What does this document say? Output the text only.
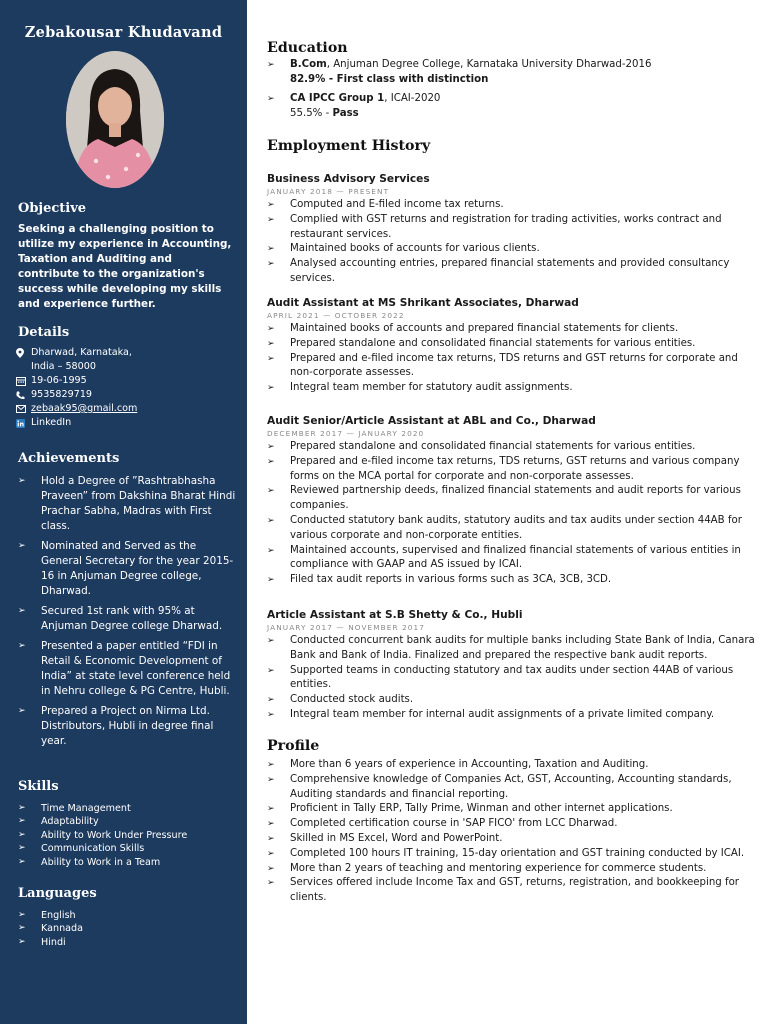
Zebakousar Khudavand
Objective
Seeking a challenging position to utilize my experience in Accounting, Taxation and Auditing and contribute to the organization's success while developing my skills and experience further.
Details
Dharwad, Karnataka,
India – 58000
19-06-1995
9535829719
zebaak95@gmail.com
LinkedIn
Achievements
➢	Hold a Degree of ”Rashtrabhasha Praveen” from Dakshina Bharat Hindi Prachar Sabha, Madras with First class.
➢	Nominated and Served as the General Secretary for the year 2015-16 in Anjuman Degree college, Dharwad.
➢	Secured 1st rank with 95% at Anjuman Degree college Dharwad.
➢	Presented a paper entitled “FDI in Retail & Economic Development of India” at state level conference held in Nehru college & PG Centre, Hubli.
➢	Prepared a Project on Nirma Ltd. Distributors, Hubli in degree final year.
Skills
➢	Time Management
➢	Adaptability
➢	Ability to Work Under Pressure
➢	Communication Skills
➢	Ability to Work in a Team
Languages
➢	English
➢	Kannada
➢	Hindi
Education
➢	B.Com, Anjuman Degree College, Karnataka University Dharwad-2016
82.9% - First class with distinction
➢	CA IPCC Group 1, ICAI-2020
55.5% - Pass
Employment History
Business Advisory Services
JANUARY 2018 — PRESENT
➢	Computed and E-filed income tax returns.
➢	Complied with GST returns and registration for trading activities, works contract and restaurant services.
➢	Maintained books of accounts for various clients.
➢	Analysed accounting entries, prepared financial statements and provided consultancy services.
Audit Assistant at MS Shrikant Associates, Dharwad
APRIL 2021 — OCTOBER 2022
➢	Maintained books of accounts and prepared financial statements for clients.
➢	Prepared standalone and consolidated financial statements for various entities.
➢	Prepared and e-filed income tax returns, TDS returns and GST returns for corporate and non-corporate assesses.
➢	Integral team member for statutory audit assignments.
Audit Senior/Article Assistant at ABL and Co., Dharwad
DECEMBER 2017 — JANUARY 2020
➢	Prepared standalone and consolidated financial statements for various entities.
➢	Prepared and e-filed income tax returns, TDS returns, GST returns and various company forms on the MCA portal for corporate and non-corporate assesses.
➢	Reviewed partnership deeds, finalized financial statements and audit reports for various companies.
➢	Conducted statutory bank audits, statutory audits and tax audits under section 44AB for various corporate and non-corporate entities.
➢	Maintained accounts, supervised and finalized financial statements of various entities in compliance with GAAP and AS issued by ICAI.
➢	Filed tax audit reports in various forms such as 3CA, 3CB, 3CD.
Article Assistant at S.B Shetty & Co., Hubli
JANUARY 2017 — NOVEMBER 2017
➢	Conducted concurrent bank audits for multiple banks including State Bank of India, Canara Bank and Bank of India. Finalized and prepared the respective bank audit reports.
➢	Supported teams in conducting statutory and tax audits under section 44AB of various entities.
➢	Conducted stock audits.
➢	Integral team member for internal audit assignments of a private limited company.
Profile
➢	More than 6 years of experience in Accounting, Taxation and Auditing.
➢	Comprehensive knowledge of Companies Act, GST, Accounting, Accounting standards, Auditing standards and financial reporting.
➢	Proficient in Tally ERP, Tally Prime, Winman and other internet applications.
➢	Completed certification course in 'SAP FICO' from LCC Dharwad.
➢	Skilled in MS Excel, Word and PowerPoint.
➢	Completed 100 hours IT training, 15-day orientation and GST training conducted by ICAI.
➢	More than 2 years of teaching and mentoring experience for commerce students.
➢	Services offered include Income Tax and GST, returns, registration, and bookkeeping for clients.
